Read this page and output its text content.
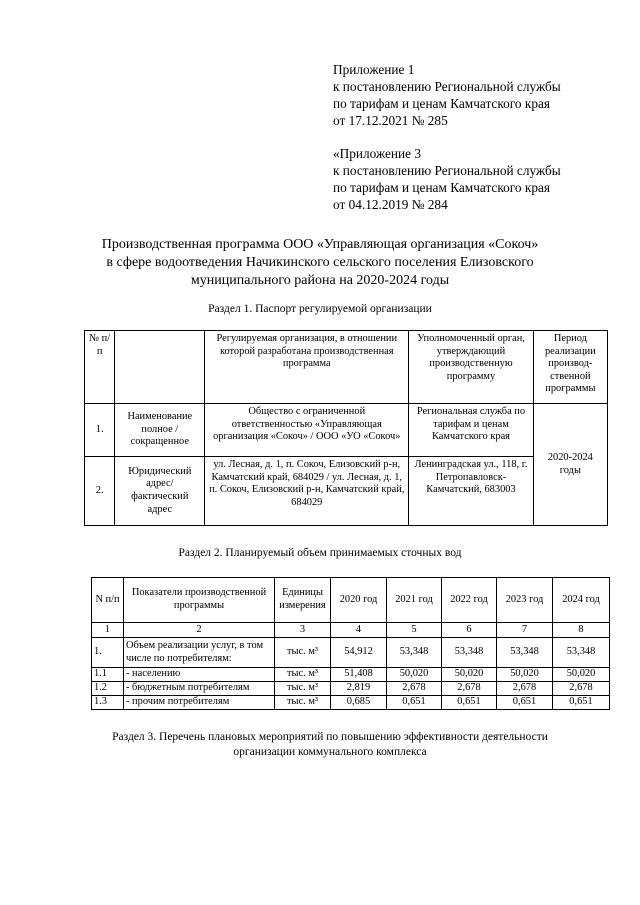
Приложение 1
к постановлению Региональной службы
по тарифам и ценам Камчатского края
от 17.12.2021 № 285
«Приложение 3
к постановлению Региональной службы
по тарифам и ценам Камчатского края
от 04.12.2019 № 284
Производственная программа ООО «Управляющая организация «Сокоч» в сфере водоотведения Начикинского сельского поселения Елизовского муниципального района на 2020-2024 годы
Раздел 1. Паспорт регулируемой организации
№ п/п		Регулируемая организация, в отношении которой разработана производственная программа	Уполномоченный орган, утверждающий производственную программу	Период реализации производ-ственной программы
1.	Наименование полное / сокращенное	Общество с ограниченной ответственностью «Управляющая организация «Сокоч» / ООО «УО «Сокоч»	Региональная служба по тарифам и ценам Камчатского края	2020-2024 годы
2.	Юридический адрес/фактический адрес	ул. Лесная, д. 1, п. Сокоч, Елизовский р-н, Камчатский край, 684029 / ул. Лесная, д. 1, п. Сокоч, Елизовский р-н, Камчатский край, 684029	Ленинградская ул., 118, г. Петропавловск-Камчатский, 683003	
Раздел 2. Планируемый объем принимаемых сточных вод
N п/п	Показатели производственной программы	Единицы измерения	2020 год	2021 год	2022 год	2023 год	2024 год
1	2	3	4	5	6	7	8
1.	Объем реализации услуг, в том числе по потребителям:	тыс. м³	54,912	53,348	53,348	53,348	53,348
1.1	- населению	тыс. м³	51,408	50,020	50,020	50,020	50,020
1.2	- бюджетным потребителям	тыс. м³	2,819	2,678	2,678	2,678	2,678
1.3	- прочим потребителям	тыс. м³	0,685	0,651	0,651	0,651	0,651
Раздел 3. Перечень плановых мероприятий по повышению эффективности деятельности организации коммунального комплекса
